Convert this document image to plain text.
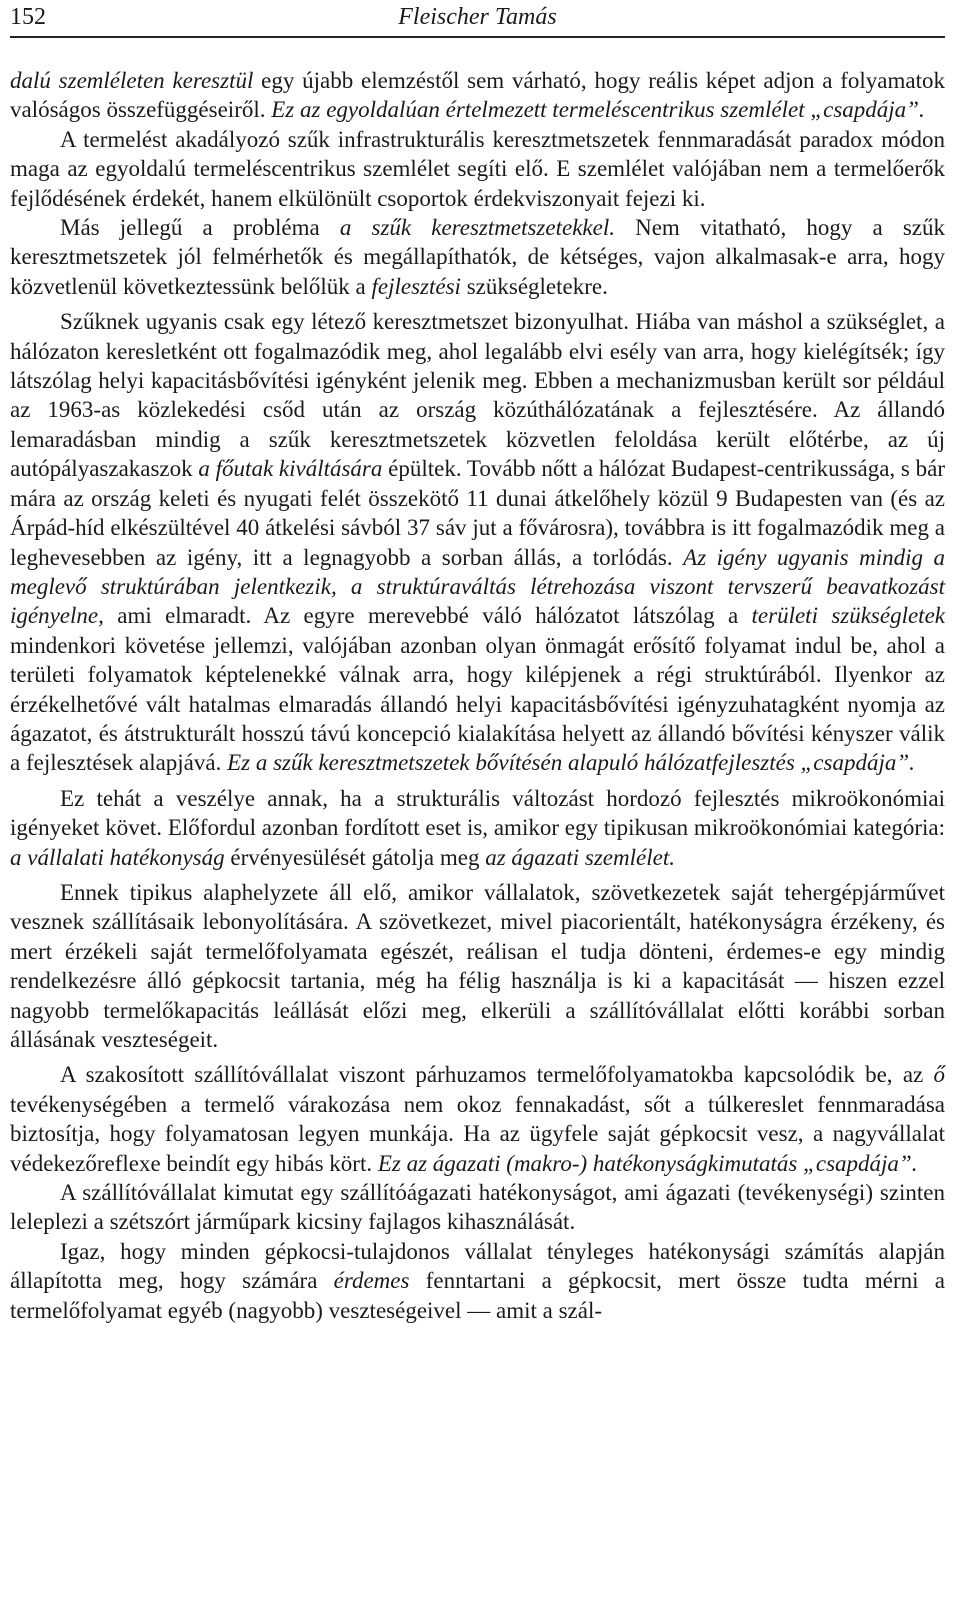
152	Fleischer Tamás

dalú szemléleten keresztül egy újabb elemzéstől sem várható, hogy reális képet adjon a folyamatok valóságos összefüggéseiről. Ez az egyoldalúan értelmezett termeléscentrikus szemlélet „csapdája”.

A termelést akadályozó szűk infrastrukturális keresztmetszetek fennmaradását paradox módon maga az egyoldalú termeléscentrikus szemlélet segíti elő. E szemlélet valójában nem a termelőerők fejlődésének érdekét, hanem elkülönült csoportok érdekviszonyait fejezi ki.

Más jellegű a probléma a szűk keresztmetszetekkel. Nem vitatható, hogy a szűk keresztmetszetek jól felmérhetők és megállapíthatók, de kétséges, vajon alkalmasak-e arra, hogy közvetlenül következtessünk belőlük a fejlesztési szükségletekre.

Szűknek ugyanis csak egy létező keresztmetszet bizonyulhat. Hiába van máshol a szükséglet, a hálózaton keresletként ott fogalmazódik meg, ahol legalább elvi esély van arra, hogy kielégítsék; így látszólag helyi kapacitásbővítési igényként jelenik meg. Ebben a mechanizmusban került sor például az 1963-as közlekedési csőd után az ország közúthálózatának a fejlesztésére. Az állandó lemaradásban mindig a szűk keresztmetszetek közvetlen feloldása került előtérbe, az új autópályaszakaszok a főutak kiváltására épültek. Tovább nőtt a hálózat Budapest-centrikussága, s bár mára az ország keleti és nyugati felét összekötő 11 dunai átkelőhely közül 9 Budapesten van (és az Árpád-híd elkészültével 40 átkelési sávból 37 sáv jut a fővárosra), továbbra is itt fogalmazódik meg a leghevesebben az igény, itt a legnagyobb a sorban állás, a torlódás. Az igény ugyanis mindig a meglevő struktúrában jelentkezik, a struktúraváltás létrehozása viszont tervszerű beavatkozást igényelne, ami elmaradt. Az egyre merevebbé váló hálózatot látszólag a területi szükségletek mindenkori követése jellemzi, valójában azonban olyan önmagát erősítő folyamat indul be, ahol a területi folyamatok képtelenekké válnak arra, hogy kilépjenek a régi struktúrából. Ilyenkor az érzékelhetővé vált hatalmas elmaradás állandó helyi kapacitásbővítési igényzuhatagként nyomja az ágazatot, és átstrukturált hosszú távú koncepció kialakítása helyett az állandó bővítési kényszer válik a fejlesztések alapjává. Ez a szűk keresztmetszetek bővítésén alapuló hálózatfejlesztés „csapdája”.

Ez tehát a veszélye annak, ha a strukturális változást hordozó fejlesztés mikroökonómiai igényeket követ. Előfordul azonban fordított eset is, amikor egy tipikusan mikroökonómiai kategória: a vállalati hatékonyság érvényesülését gátolja meg az ágazati szemlélet.

Ennek tipikus alaphelyzete áll elő, amikor vállalatok, szövetkezetek saját tehergépjárművet vesznek szállításaik lebonyolítására. A szövetkezet, mivel piacorientált, hatékonyságra érzékeny, és mert érzékeli saját termelőfolyamata egészét, reálisan el tudja dönteni, érdemes-e egy mindig rendelkezésre álló gépkocsit tartania, még ha félig használja is ki a kapacitását — hiszen ezzel nagyobb termelőkapacitás leállását előzi meg, elkerüli a szállítóvállalat előtti korábbi sorban állásának veszteségeit.

A szakosított szállítóvállalat viszont párhuzamos termelőfolyamatokba kapcsolódik be, az ő tevékenységében a termelő várakozása nem okoz fennakadást, sőt a túlkereslet fennmaradása biztosítja, hogy folyamatosan legyen munkája. Ha az ügyfele saját gépkocsit vesz, a nagyvállalat védekezőreflexe beindít egy hibás kört. Ez az ágazati (makro-) hatékonyságkimutatás „csapdája”.

A szállítóvállalat kimutat egy szállítóágazati hatékonyságot, ami ágazati (tevékenységi) szinten leleplezi a szétszórt járműpark kicsiny fajlagos kihasználását.

Igaz, hogy minden gépkocsi-tulajdonos vállalat tényleges hatékonysági számítás alapján állapította meg, hogy számára érdemes fenntartani a gépkocsit, mert össze tudta mérni a termelőfolyamat egyéb (nagyobb) veszteségeivel — amit a szál-
